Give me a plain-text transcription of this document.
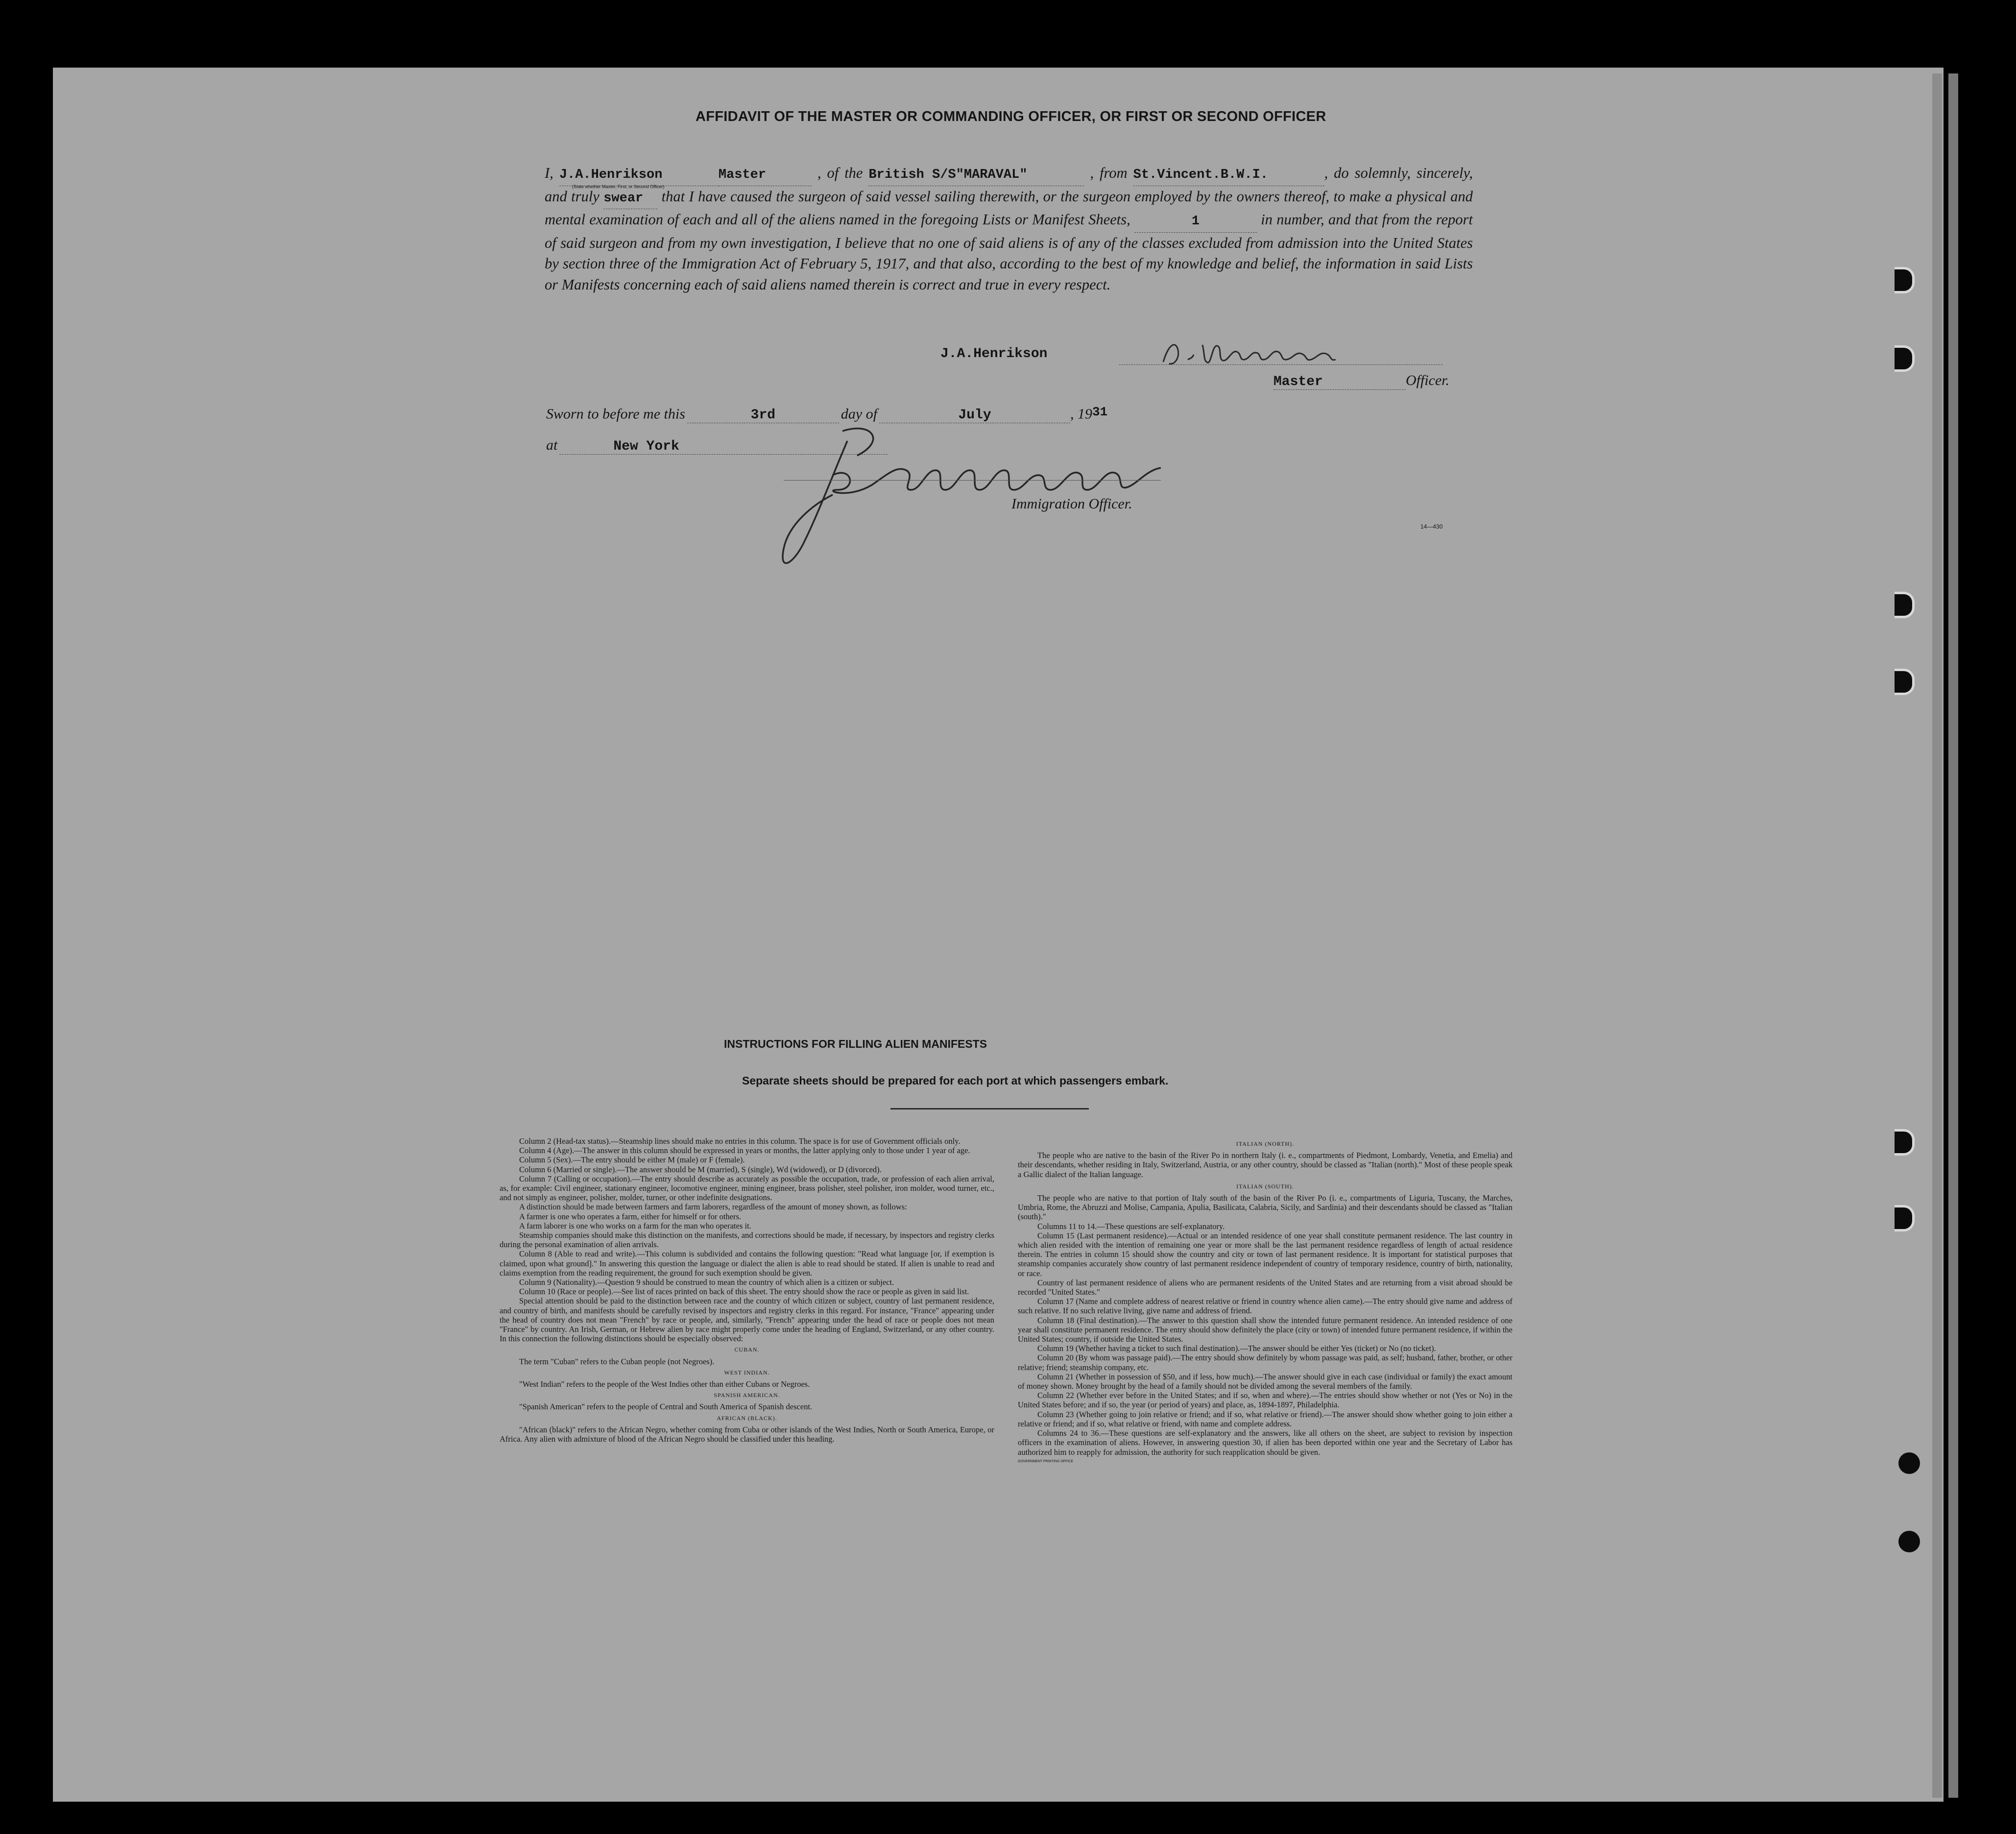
AFFIDAVIT OF THE MASTER OR COMMANDING OFFICER, OR FIRST OR SECOND OFFICER
I, J.A.Henrikson	Master	, of the British S/S"MARAVAL"	, from St.Vincent.B.W.I.	, do solemnly, sincerely, and truly swear that I have caused the surgeon of said vessel sailing therewith, or the surgeon employed by the owners thereof, to make a physical and mental examination of each and all of the aliens named in the foregoing Lists or Manifest Sheets,	1	in number, and that from the report of said surgeon and from my own investigation, I believe that no one of said aliens is of any of the classes excluded from admission into the United States by section three of the Immigration Act of February 5, 1917, and that also, according to the best of my knowledge and belief, the information in said Lists or Manifests concerning each of said aliens named therein is correct and true in every respect.
(State whether Master, First, or Second Officer)
J.A.Henrikson
Master	Officer.
Sworn to before me this	3rd	day of	July	, $19^{31}$
at	New York
Immigration Officer.
14—430
INSTRUCTIONS FOR FILLING ALIEN MANIFESTS
Separate sheets should be prepared for each port at which passengers embark.

Column 2 (Head-tax status).—Steamship lines should make no entries in this column. The space is for use of Government officials only.

Column 4 (Age).—The answer in this column should be expressed in years or months, the latter applying only to those under 1 year of age.

Column 5 (Sex).—The entry should be either M (male) or F (female).

Column 6 (Married or single).—The answer should be M (married), S (single), Wd (widowed), or D (divorced).

Column 7 (Calling or occupation).—The entry should describe as accurately as possible the occupation, trade, or profession of each alien arrival, as, for example: Civil engineer, stationary engineer, locomotive engineer, mining engineer, brass polisher, steel polisher, iron molder, wood turner, etc., and not simply as engineer, polisher, molder, turner, or other indefinite designations.

A distinction should be made between farmers and farm laborers, regardless of the amount of money shown, as follows:

A farmer is one who operates a farm, either for himself or for others.

A farm laborer is one who works on a farm for the man who operates it.

Steamship companies should make this distinction on the manifests, and corrections should be made, if necessary, by inspectors and registry clerks during the personal examination of alien arrivals.

Column 8 (Able to read and write).—This column is subdivided and contains the following question: "Read what language [or, if exemption is claimed, upon what ground]." In answering this question the language or dialect the alien is able to read should be stated. If alien is unable to read and claims exemption from the reading requirement, the ground for such exemption should be given.

Column 9 (Nationality).—Question 9 should be construed to mean the country of which alien is a citizen or subject.

Column 10 (Race or people).—See list of races printed on back of this sheet. The entry should show the race or people as given in said list.

Special attention should be paid to the distinction between race and the country of which citizen or subject, country of last permanent residence, and country of birth, and manifests should be carefully revised by inspectors and registry clerks in this regard. For instance, "France" appearing under the head of country does not mean "French" by race or people, and, similarly, "French" appearing under the head of race or people does not mean "France" by country. An Irish, German, or Hebrew alien by race might properly come under the heading of England, Switzerland, or any other country. In this connection the following distinctions should be especially observed:

CUBAN.

The term "Cuban" refers to the Cuban people (not Negroes).

WEST INDIAN.

"West Indian" refers to the people of the West Indies other than either Cubans or Negroes.

SPANISH AMERICAN.

"Spanish American" refers to the people of Central and South America of Spanish descent.

AFRICAN (BLACK).

"African (black)" refers to the African Negro, whether coming from Cuba or other islands of the West Indies, North or South America, Europe, or Africa. Any alien with admixture of blood of the African Negro should be classified under this heading.

ITALIAN (NORTH).

The people who are native to the basin of the River Po in northern Italy (i. e., compartments of Piedmont, Lombardy, Venetia, and Emelia) and their descendants, whether residing in Italy, Switzerland, Austria, or any other country, should be classed as "Italian (north)." Most of these people speak a Gallic dialect of the Italian language.

ITALIAN (SOUTH).

The people who are native to that portion of Italy south of the basin of the River Po (i. e., compartments of Liguria, Tuscany, the Marches, Umbria, Rome, the Abruzzi and Molise, Campania, Apulia, Basilicata, Calabria, Sicily, and Sardinia) and their descendants should be classed as "Italian (south)."

Columns 11 to 14.—These questions are self-explanatory.

Column 15 (Last permanent residence).—Actual or an intended residence of one year shall constitute permanent residence. The last country in which alien resided with the intention of remaining one year or more shall be the last permanent residence regardless of length of actual residence therein. The entries in column 15 should show the country and city or town of last permanent residence. It is important for statistical purposes that steamship companies accurately show country of last permanent residence independent of country of temporary residence, country of birth, nationality, or race.

Country of last permanent residence of aliens who are permanent residents of the United States and are returning from a visit abroad should be recorded "United States."

Column 17 (Name and complete address of nearest relative or friend in country whence alien came).—The entry should give name and address of such relative. If no such relative living, give name and address of friend.

Column 18 (Final destination).—The answer to this question shall show the intended future permanent residence. An intended residence of one year shall constitute permanent residence. The entry should show definitely the place (city or town) of intended future permanent residence, if within the United States; country, if outside the United States.

Column 19 (Whether having a ticket to such final destination).—The answer should be either Yes (ticket) or No (no ticket).

Column 20 (By whom was passage paid).—The entry should show definitely by whom passage was paid, as self; husband, father, brother, or other relative; friend; steamship company, etc.

Column 21 (Whether in possession of $50, and if less, how much).—The answer should give in each case (individual or family) the exact amount of money shown. Money brought by the head of a family should not be divided among the several members of the family.

Column 22 (Whether ever before in the United States; and if so, when and where).—The entries should show whether or not (Yes or No) in the United States before; and if so, the year (or period of years) and place, as, 1894-1897, Philadelphia.

Column 23 (Whether going to join relative or friend; and if so, what relative or friend).—The answer should show whether going to join either a relative or friend; and if so, what relative or friend, with name and complete address.

Columns 24 to 36.—These questions are self-explanatory and the answers, like all others on the sheet, are subject to revision by inspection officers in the examination of aliens. However, in answering question 30, if alien has been deported within one year and the Secretary of Labor has authorized him to reapply for admission, the authority for such reapplication should be given.

GOVERNMENT PRINTING OFFICE
